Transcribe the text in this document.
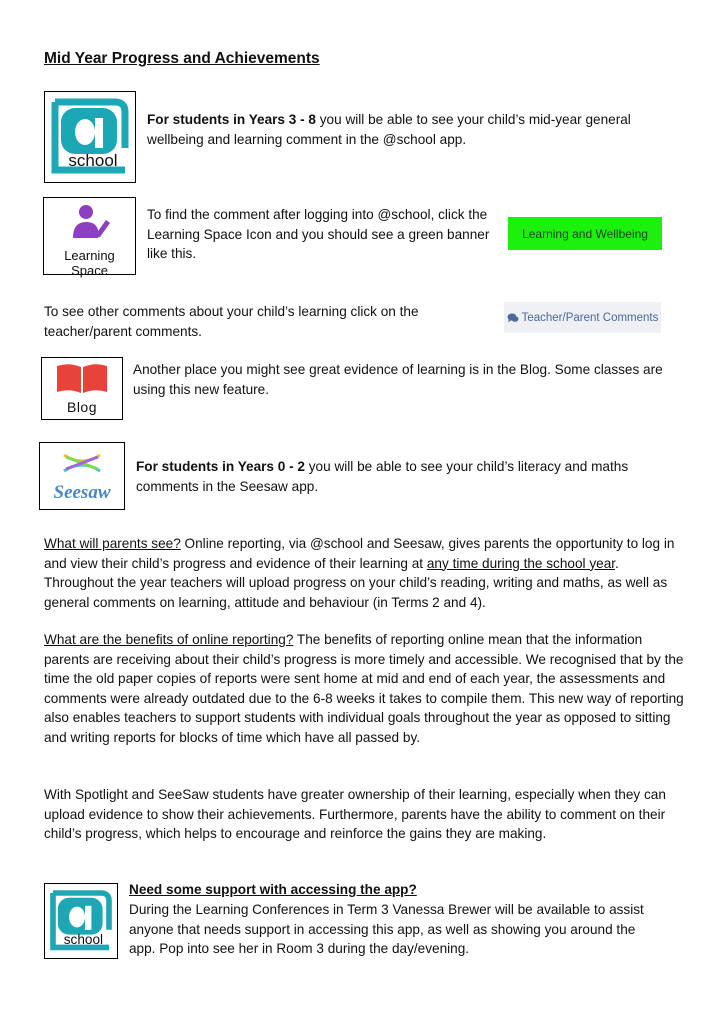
Mid Year Progress and Achievements
school
For students in Years 3 - 8 you will be able to see your child’s mid-year general wellbeing and learning comment in the @school app.
Learning Space
To find the comment after logging into @school, click the Learning Space Icon and you should see a green banner like this.
Learning and Wellbeing
To see other comments about your child’s learning click on the teacher/parent comments.
Teacher/Parent Comments
Blog
Another place you might see great evidence of learning is in the Blog. Some classes are using this new feature.
Seesaw
For students in Years 0 - 2 you will be able to see your child’s literacy and maths comments in the Seesaw app.
What will parents see? Online reporting, via @school and Seesaw, gives parents the opportunity to log in and view their child’s progress and evidence of their learning at any time during the school year. Throughout the year teachers will upload progress on your child’s reading, writing and maths, as well as general comments on learning, attitude and behaviour (in Terms 2 and 4).
What are the benefits of online reporting? The benefits of reporting online mean that the information parents are receiving about their child’s progress is more timely and accessible. We recognised that by the time the old paper copies of reports were sent home at mid and end of each year, the assessments and comments were already outdated due to the 6-8 weeks it takes to compile them. This new way of reporting also enables teachers to support students with individual goals throughout the year as opposed to sitting and writing reports for blocks of time which have all passed by.
With Spotlight and SeeSaw students have greater ownership of their learning, especially when they can upload evidence to show their achievements. Furthermore, parents have the ability to comment on their child’s progress, which helps to encourage and reinforce the gains they are making.
school
Need some support with accessing the app?
During the Learning Conferences in Term 3 Vanessa Brewer will be available to assist anyone that needs support in accessing this app, as well as showing you around the app. Pop into see her in Room 3 during the day/evening.
